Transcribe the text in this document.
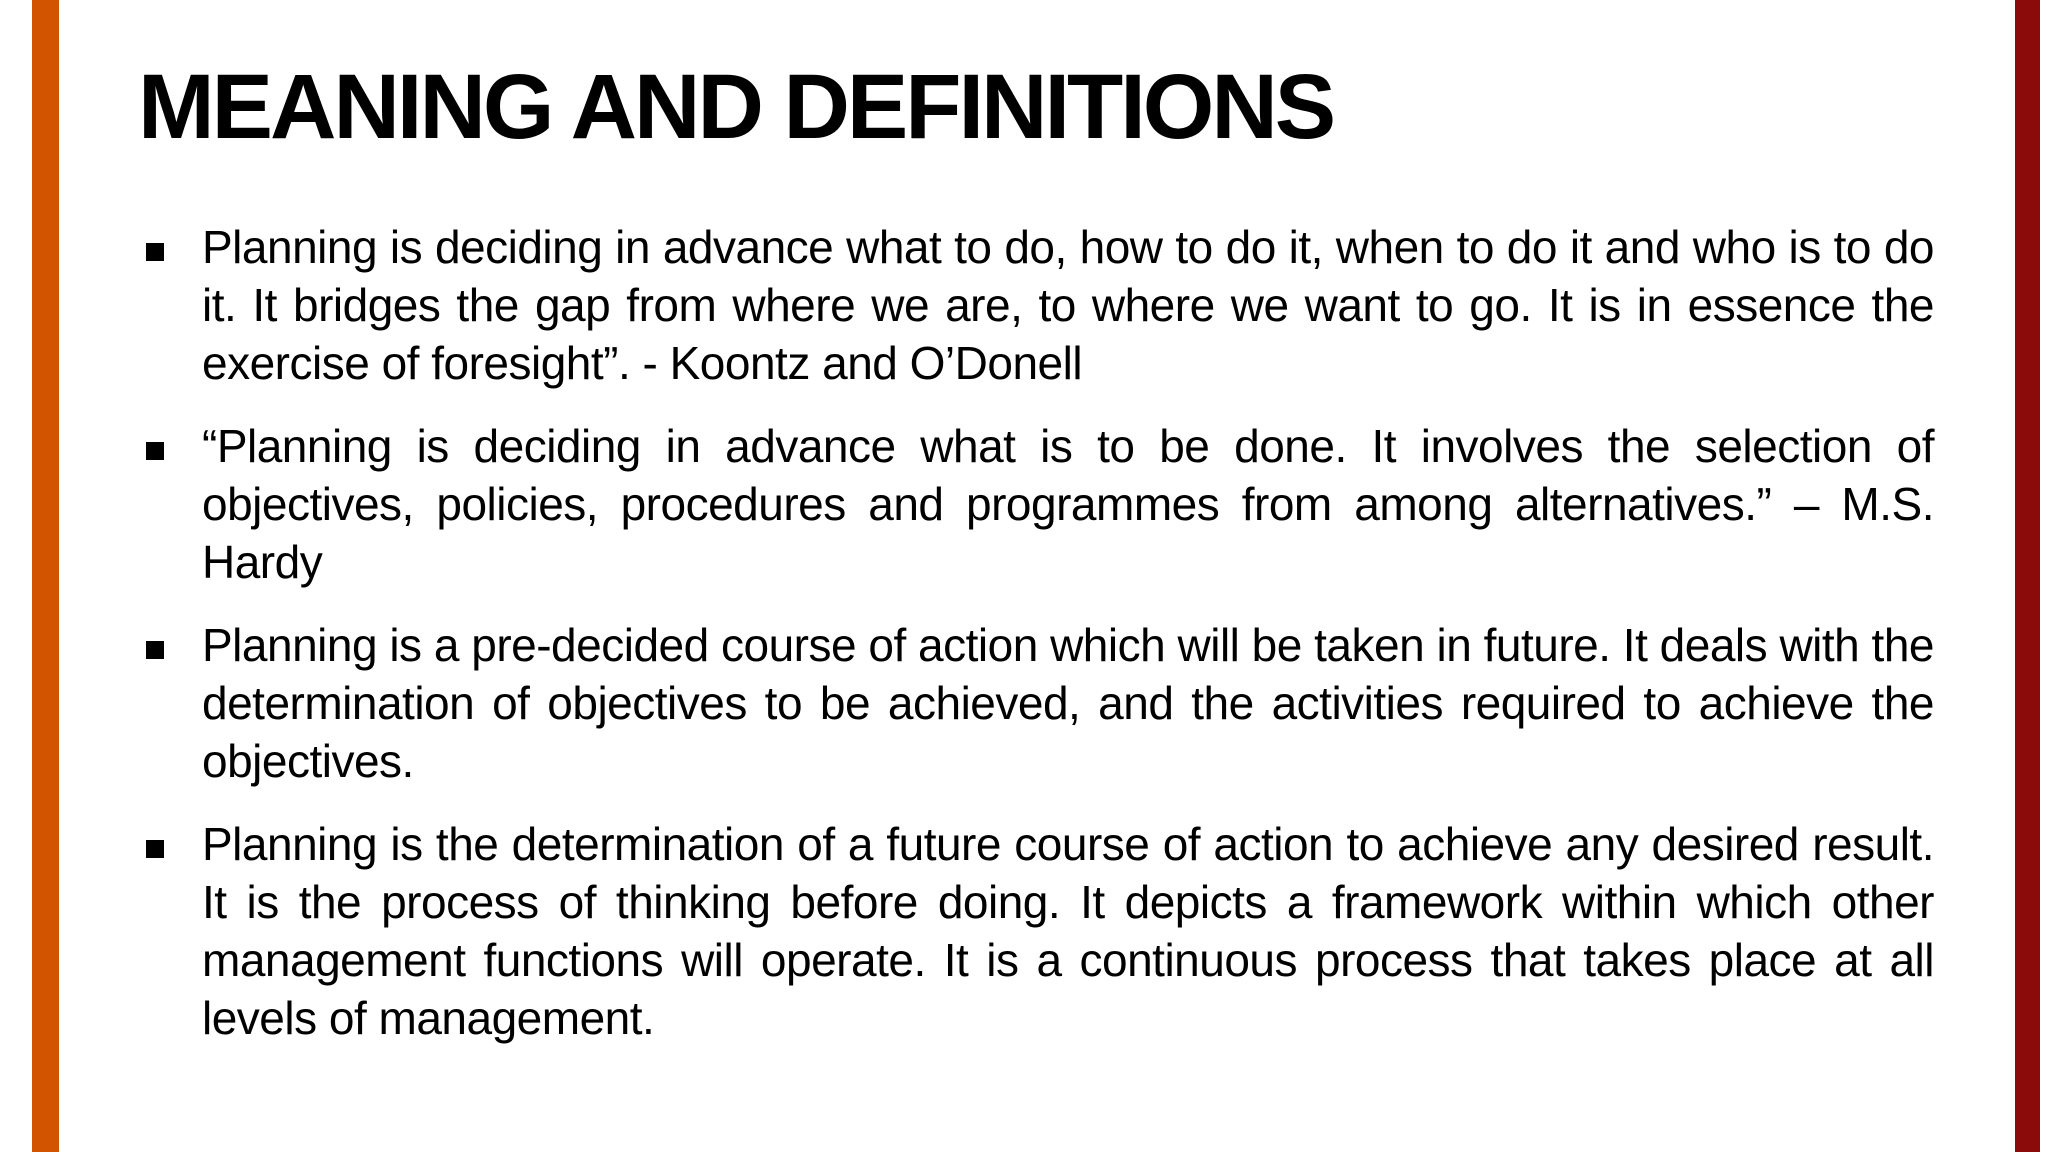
MEANING AND DEFINITIONS
Planning is deciding in advance what to do, how to do it, when to do it and who is to do it. It bridges the gap from where we are, to where we want to go. It is in essence the exercise of foresight”. - Koontz and O’Donell
“Planning is deciding in advance what is to be done. It involves the selection of objectives, policies, procedures and programmes from among alternatives.” – M.S. Hardy
Planning is a pre-decided course of action which will be taken in future. It deals with the determination of objectives to be achieved, and the activities required to achieve the objectives.
Planning is the determination of a future course of action to achieve any desired result. It is the process of thinking before doing. It depicts a framework within which other management functions will operate. It is a continuous process that takes place at all levels of management.
